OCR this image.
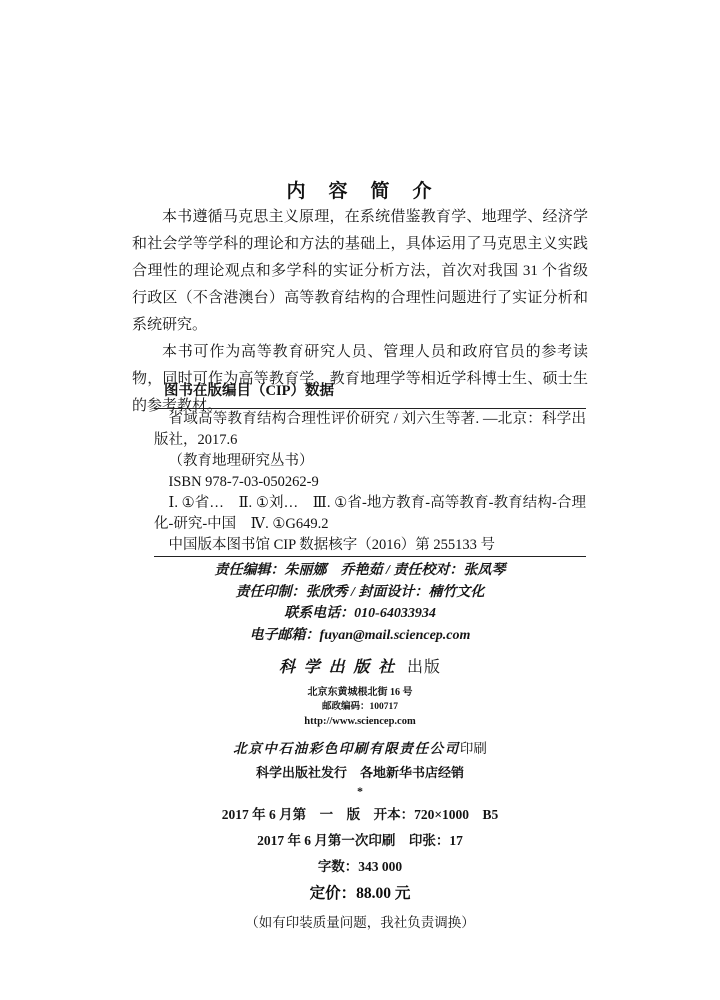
内　容　简　介

本书遵循马克思主义原理，在系统借鉴教育学、地理学、经济学和社会学等学科的理论和方法的基础上，具体运用了马克思主义实践合理性的理论观点和多学科的实证分析方法，首次对我国 31 个省级行政区（不含港澳台）高等教育结构的合理性问题进行了实证分析和系统研究。

本书可作为高等教育研究人员、管理人员和政府官员的参考读物，同时可作为高等教育学、教育地理学等相近学科博士生、硕士生的参考教材。

图书在版编目（CIP）数据

省域高等教育结构合理性评价研究 / 刘六生等著. —北京：科学出版社，2017.6

（教育地理研究丛书）

ISBN 978-7-03-050262-9

Ⅰ. ①省…　Ⅱ. ①刘…　Ⅲ. ①省-地方教育-高等教育-教育结构-合理化-研究-中国　Ⅳ. ①G649.2

中国版本图书馆 CIP 数据核字（2016）第 255133 号

责任编辑：朱丽娜　乔艳茹 / 责任校对：张凤琴

责任印制：张欣秀 / 封面设计：楠竹文化

联系电话：010-64033934

电子邮箱：fuyan@mail.sciencep.com

科学出版社 出版

北京东黄城根北街 16 号

邮政编码：100717

http://www.sciencep.com

北京中石油彩色印刷有限责任公司印刷

科学出版社发行　各地新华书店经销

*

2017 年 6 月第　一　版　开本：720×1000　B5

2017 年 6 月第一次印刷　印张：17

字数：343 000

定价：88.00 元

（如有印装质量问题，我社负责调换）
